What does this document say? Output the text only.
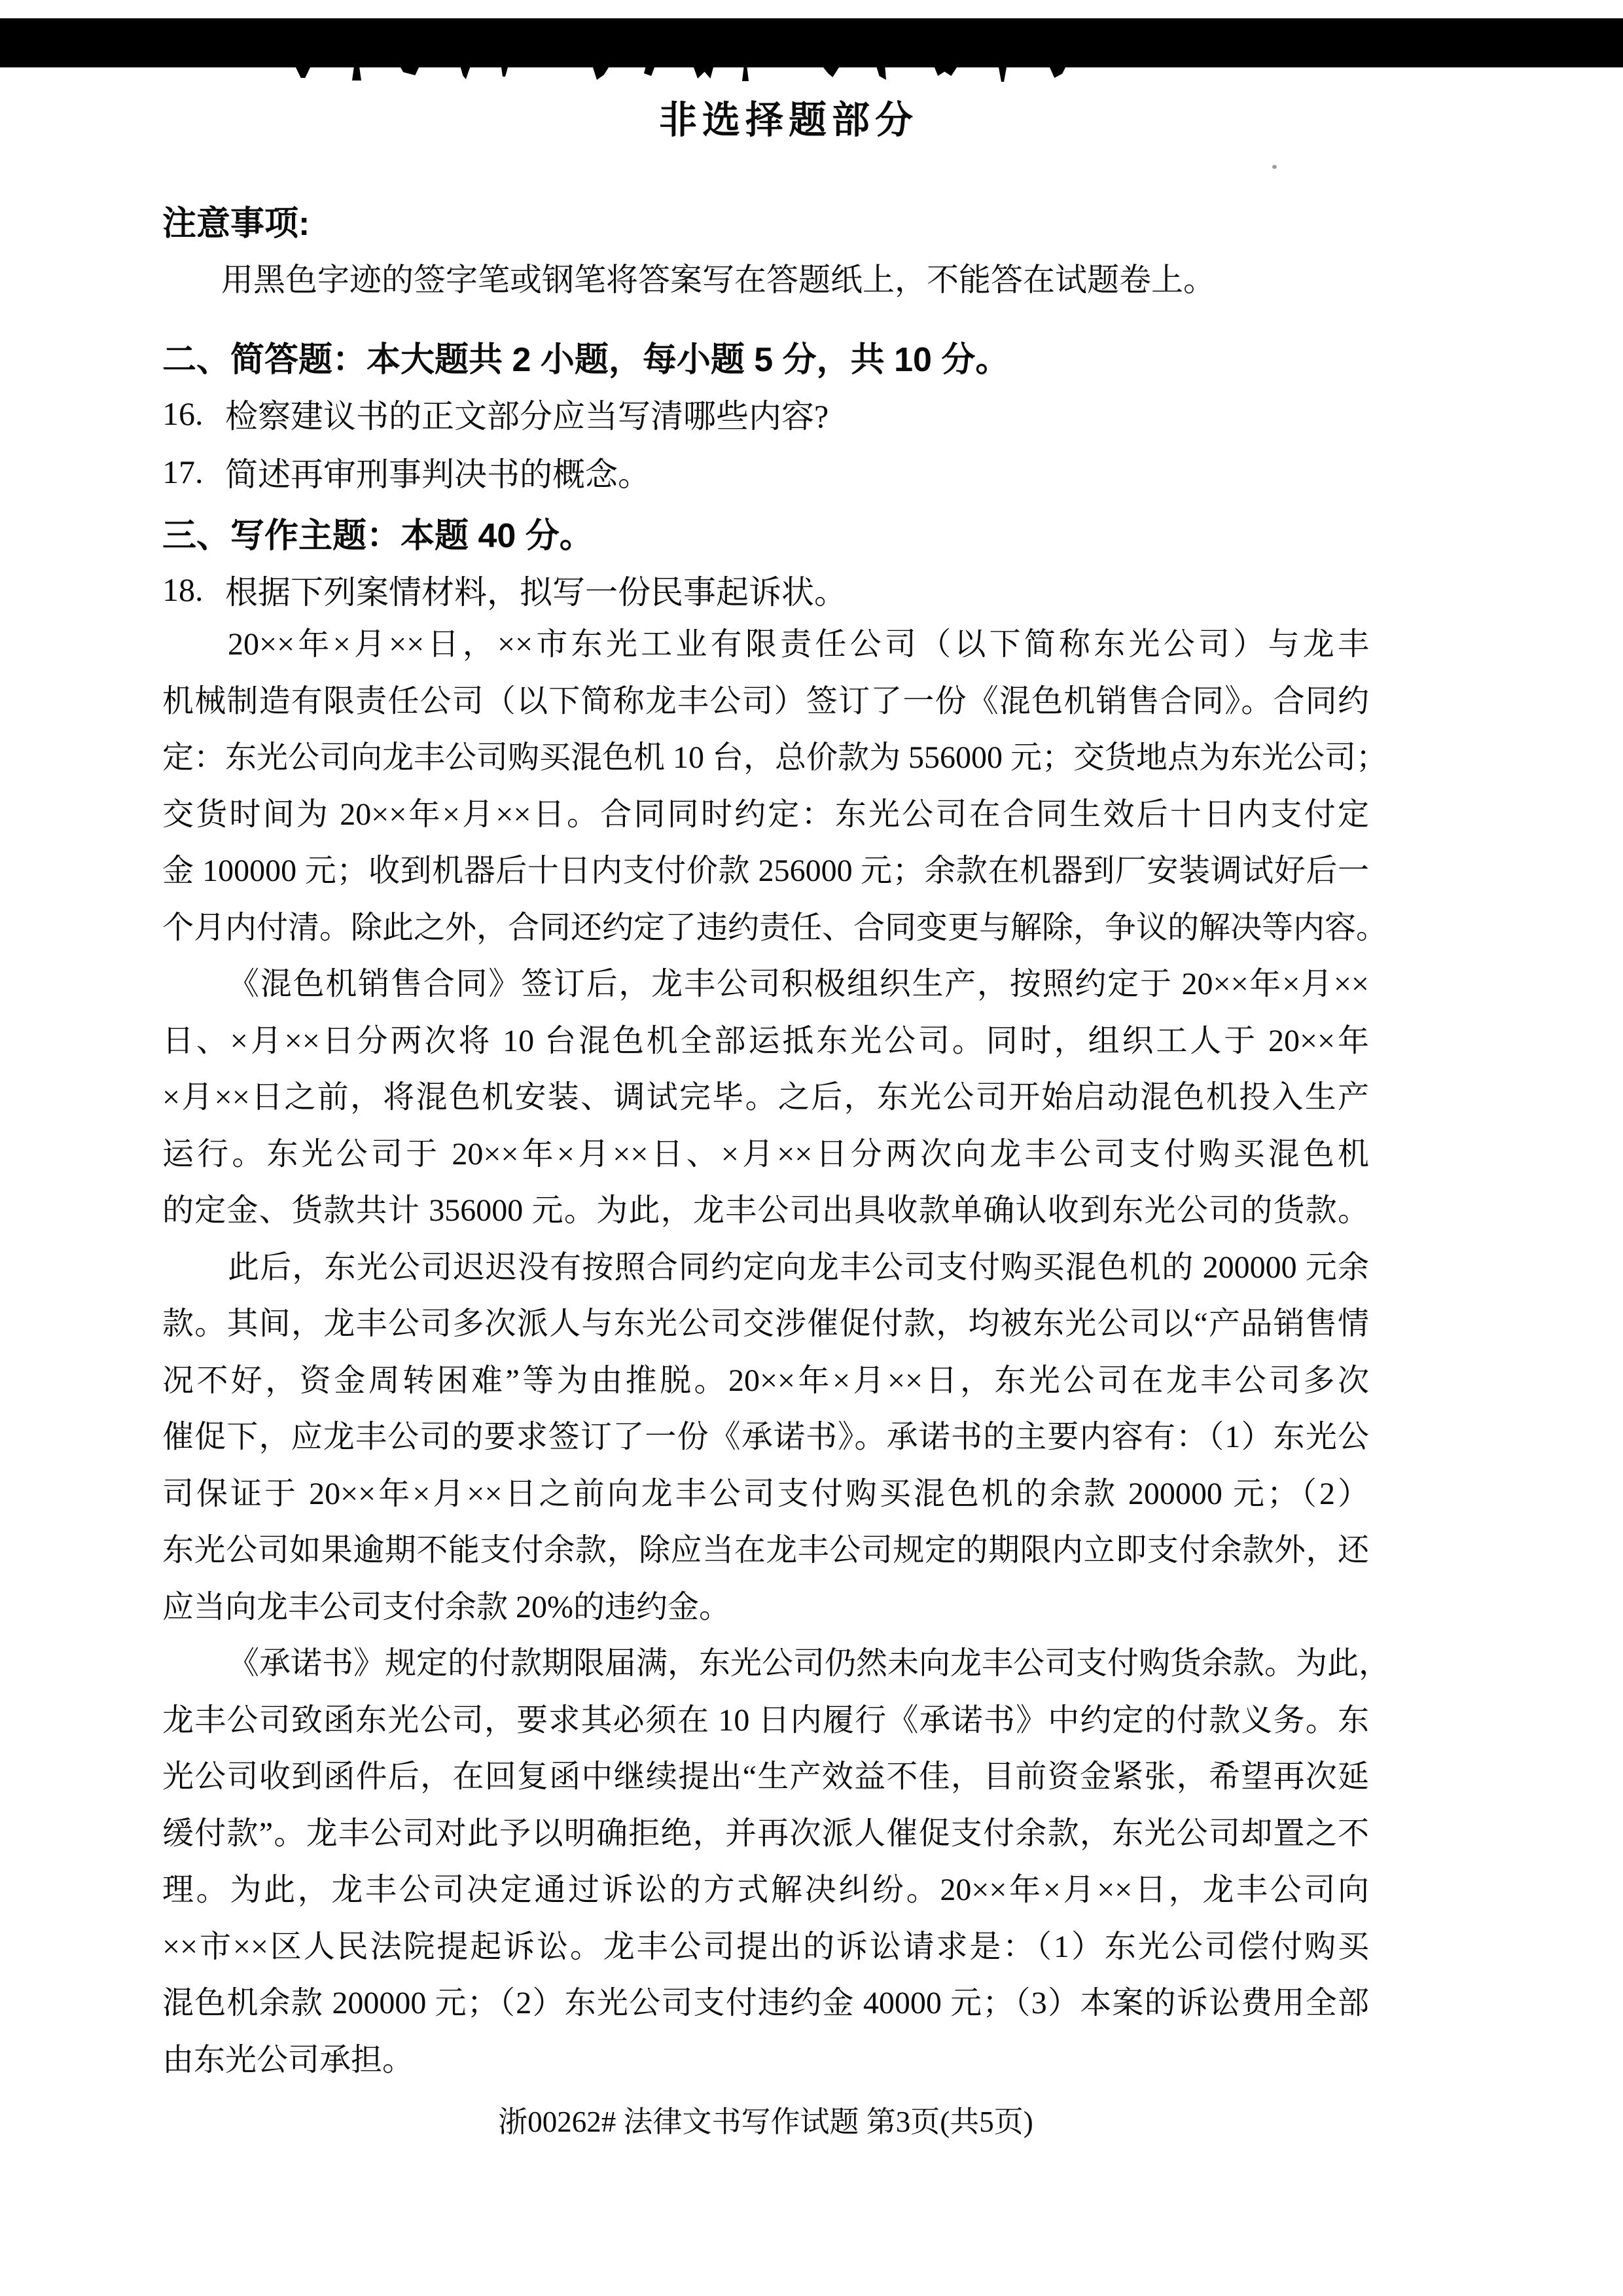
非选择题部分
注意事项:
用黑色字迹的签字笔或钢笔将答案写在答题纸上，不能答在试题卷上。
二、简答题：本大题共 2 小题，每小题 5 分，共 10 分。
16. 检察建议书的正文部分应当写清哪些内容?
17. 简述再审刑事判决书的概念。
三、写作主题：本题 40 分。
18. 根据下列案情材料，拟写一份民事起诉状。
20××年×月××日，××市东光工业有限责任公司（以下简称东光公司）与龙丰
机械制造有限责任公司（以下简称龙丰公司）签订了一份《混色机销售合同》。合同约
定：东光公司向龙丰公司购买混色机 10 台，总价款为 556000 元；交货地点为东光公司；
交货时间为 20××年×月××日。合同同时约定：东光公司在合同生效后十日内支付定
金 100000 元；收到机器后十日内支付价款 256000 元；余款在机器到厂安装调试好后一
个月内付清。除此之外，合同还约定了违约责任、合同变更与解除，争议的解决等内容。
《混色机销售合同》签订后，龙丰公司积极组织生产，按照约定于 20××年×月××
日、×月××日分两次将 10 台混色机全部运抵东光公司。同时，组织工人于 20××年
×月××日之前，将混色机安装、调试完毕。之后，东光公司开始启动混色机投入生产
运行。东光公司于 20××年×月××日、×月××日分两次向龙丰公司支付购买混色机
的定金、货款共计 356000 元。为此，龙丰公司出具收款单确认收到东光公司的货款。
此后，东光公司迟迟没有按照合同约定向龙丰公司支付购买混色机的 200000 元余
款。其间，龙丰公司多次派人与东光公司交涉催促付款，均被东光公司以“产品销售情
况不好，资金周转困难”等为由推脱。20××年×月××日，东光公司在龙丰公司多次
催促下，应龙丰公司的要求签订了一份《承诺书》。承诺书的主要内容有：（1）东光公
司保证于 20××年×月××日之前向龙丰公司支付购买混色机的余款 200000 元；（2）
东光公司如果逾期不能支付余款，除应当在龙丰公司规定的期限内立即支付余款外，还
应当向龙丰公司支付余款 20%的违约金。
《承诺书》规定的付款期限届满，东光公司仍然未向龙丰公司支付购货余款。为此，
龙丰公司致函东光公司，要求其必须在 10 日内履行《承诺书》中约定的付款义务。东
光公司收到函件后，在回复函中继续提出“生产效益不佳，目前资金紧张，希望再次延
缓付款”。龙丰公司对此予以明确拒绝，并再次派人催促支付余款，东光公司却置之不
理。为此，龙丰公司决定通过诉讼的方式解决纠纷。20××年×月××日，龙丰公司向
××市××区人民法院提起诉讼。龙丰公司提出的诉讼请求是：（1）东光公司偿付购买
混色机余款 200000 元；（2）东光公司支付违约金 40000 元；（3）本案的诉讼费用全部
由东光公司承担。
浙00262# 法律文书写作试题 第3页(共5页)
